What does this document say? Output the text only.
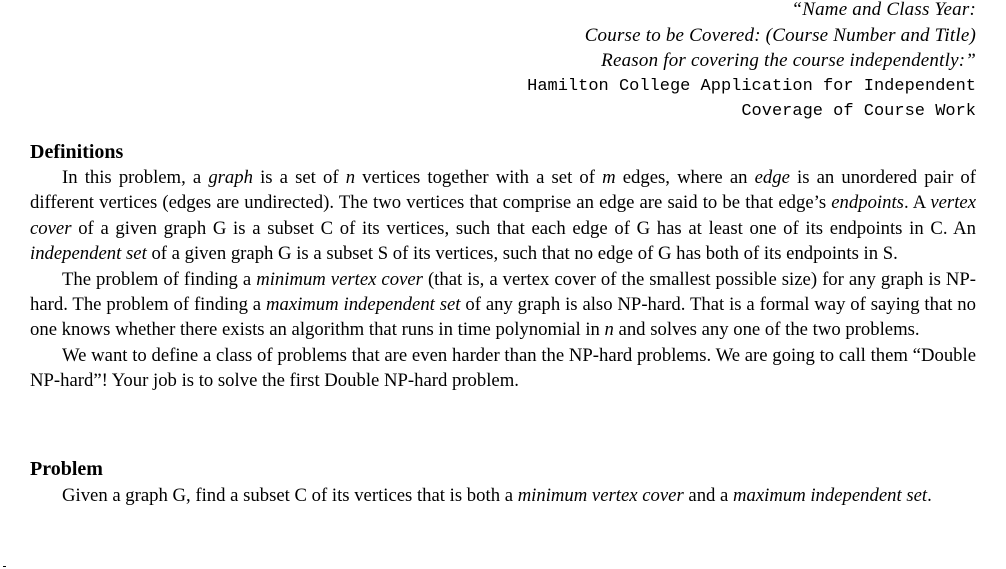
“Name and Class Year:
Course to be Covered: (Course Number and Title)
Reason for covering the course independently:”
Hamilton College Application for Independent
Coverage of Course Work
Definitions

In this problem, a graph is a set of n vertices together with a set of m edges, where an edge is an unordered pair of different vertices (edges are undirected). The two vertices that comprise an edge are said to be that edge’s endpoints. A vertex cover of a given graph G is a subset C of its vertices, such that each edge of G has at least one of its endpoints in C. An independent set of a given graph G is a subset S of its vertices, such that no edge of G has both of its endpoints in S.

The problem of finding a minimum vertex cover (that is, a vertex cover of the smallest possible size) for any graph is NP-hard. The problem of finding a maximum independent set of any graph is also NP-hard. That is a formal way of saying that no one knows whether there exists an algorithm that runs in time polynomial in n and solves any one of the two problems.

We want to define a class of problems that are even harder than the NP-hard problems. We are going to call them “Double NP-hard”! Your job is to solve the first Double NP-hard problem.

Problem

Given a graph G, find a subset C of its vertices that is both a minimum vertex cover and a maximum independent set.
